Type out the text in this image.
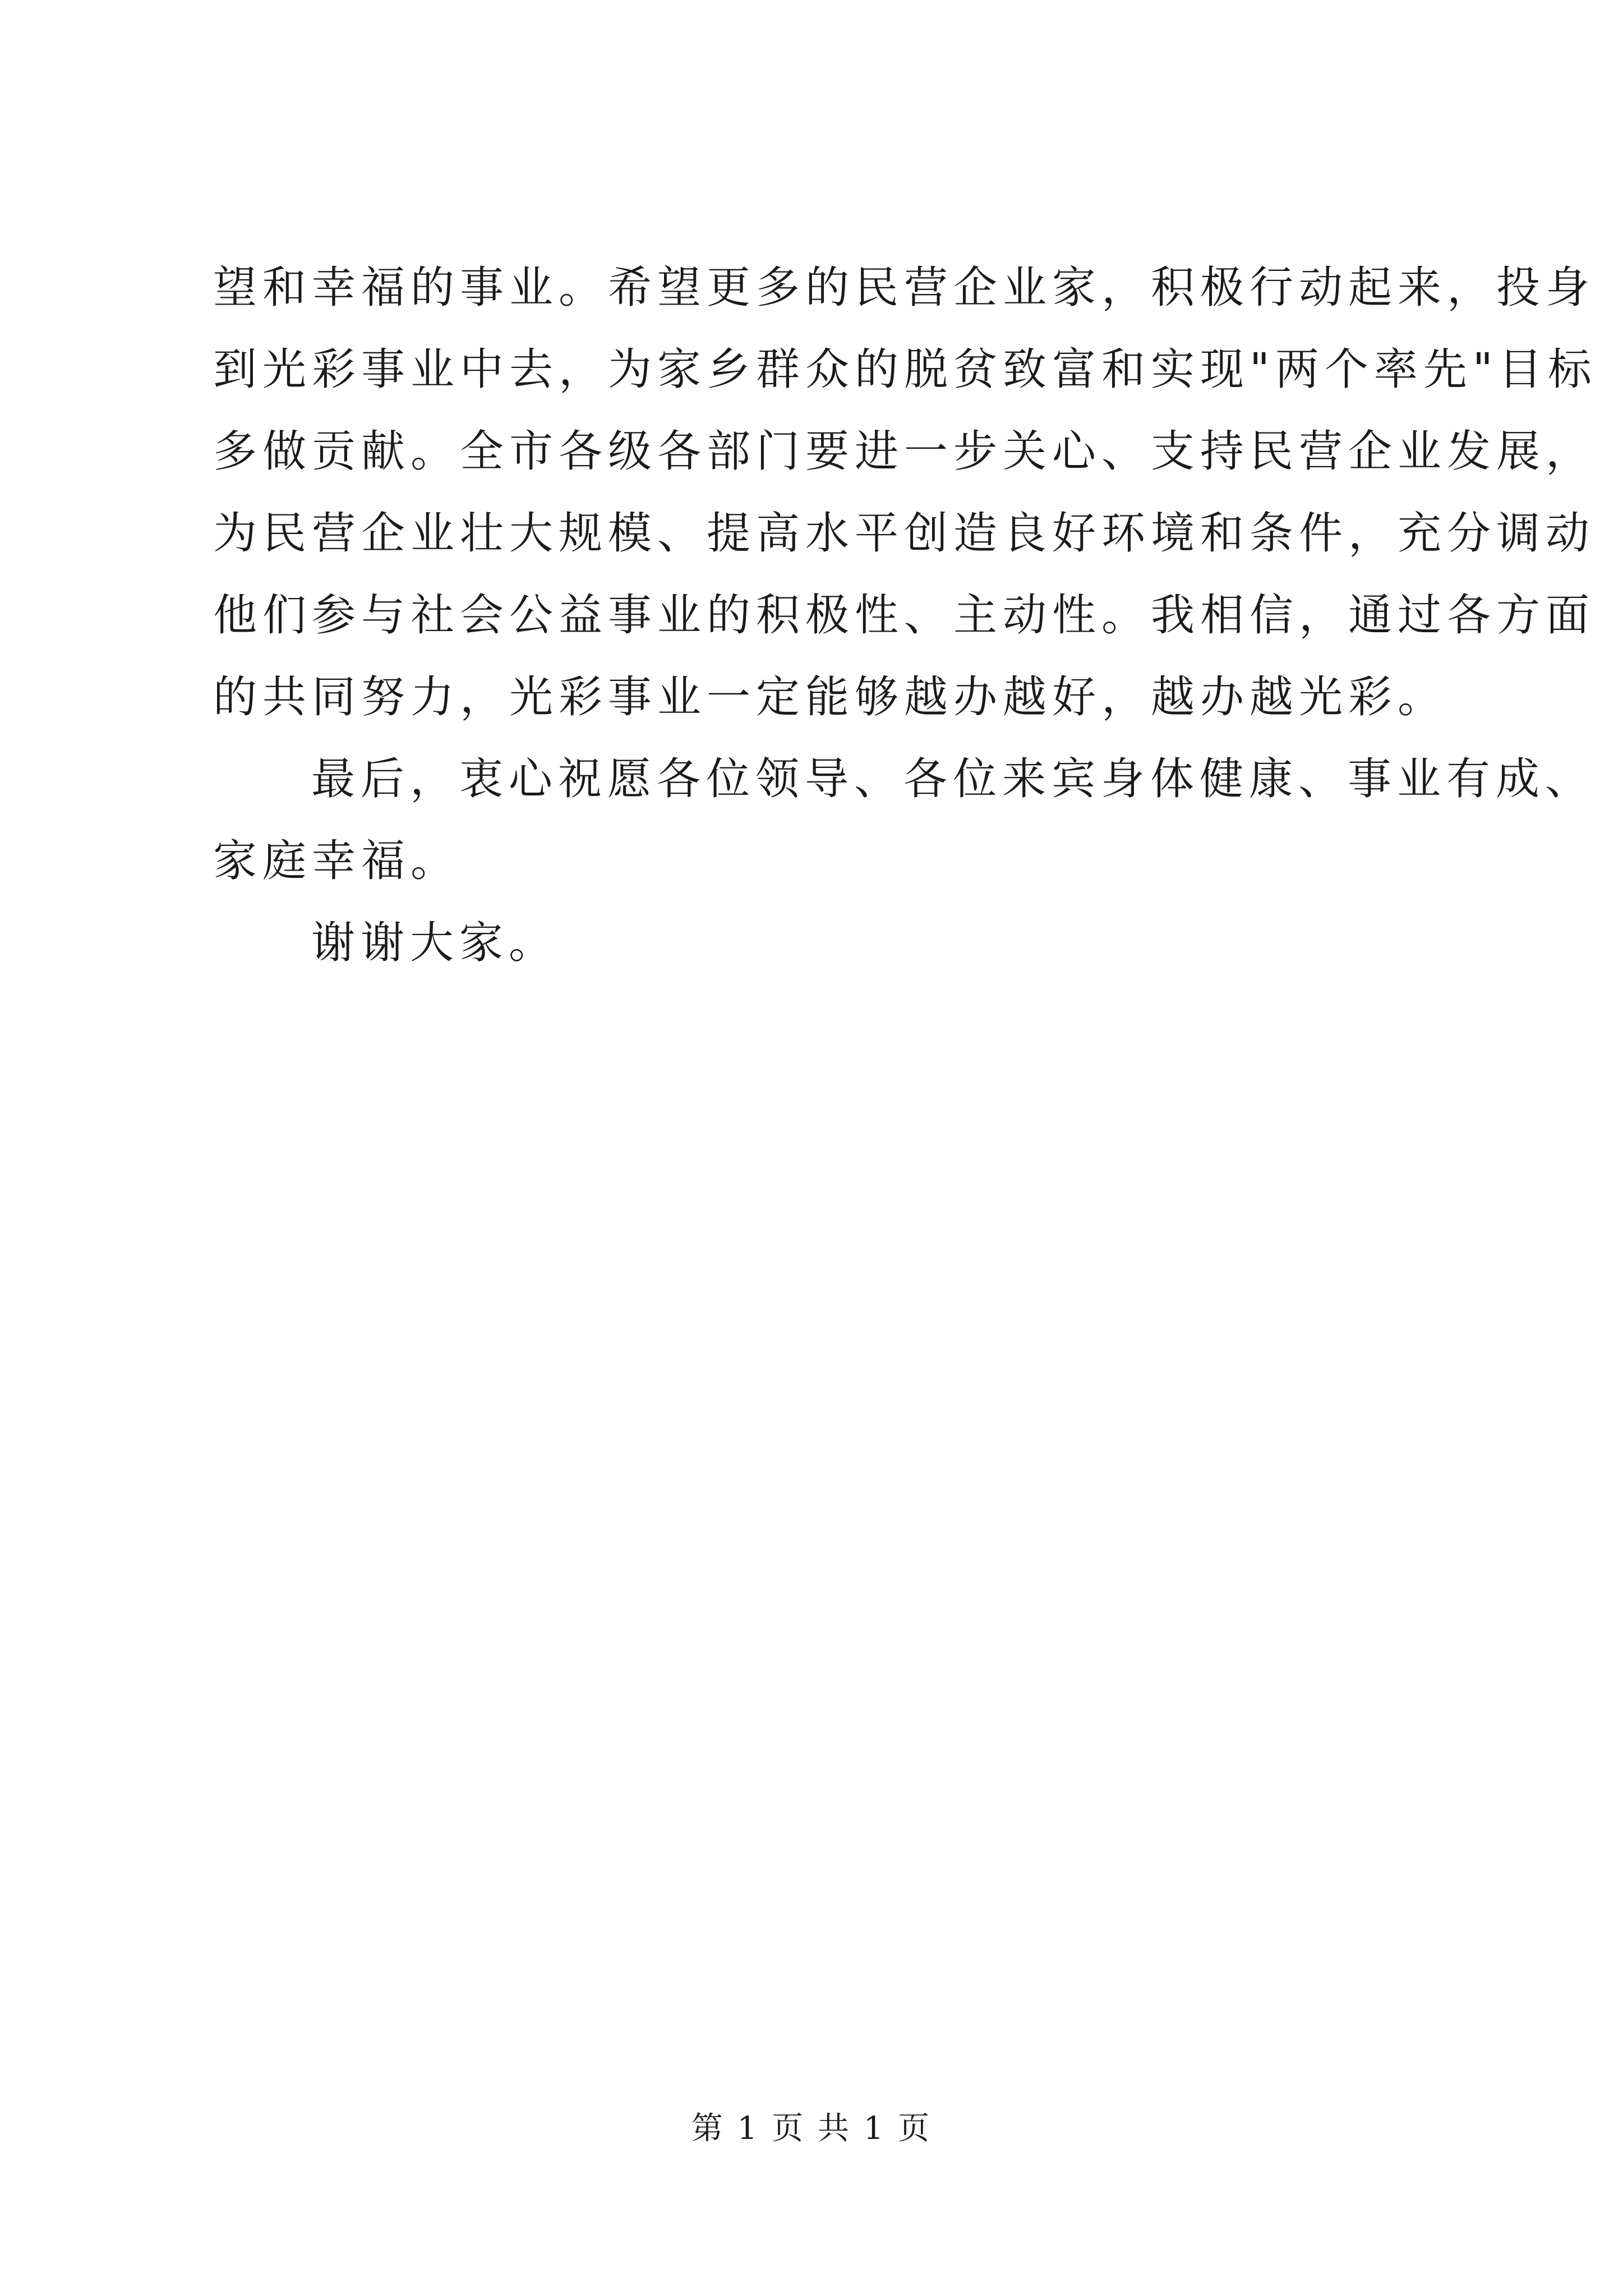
望和幸福的事业。希望更多的民营企业家，积极行动起来，投身

到光彩事业中去，为家乡群众的脱贫致富和实现"两个率先"目标

多做贡献。全市各级各部门要进一步关心、支持民营企业发展，

为民营企业壮大规模、提高水平创造良好环境和条件，充分调动

他们参与社会公益事业的积极性、主动性。我相信，通过各方面

的共同努力，光彩事业一定能够越办越好，越办越光彩。

最后，衷心祝愿各位领导、各位来宾身体健康、事业有成、

家庭幸福。

谢谢大家。

第 1 页 共 1 页
